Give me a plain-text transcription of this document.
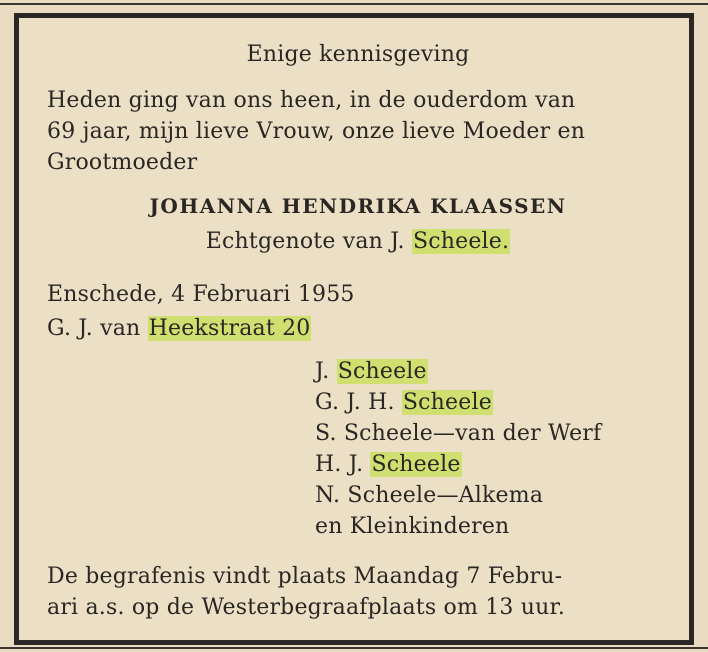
Enige kennisgeving
Heden ging van ons heen, in de ouderdom van
69 jaar, mijn lieve Vrouw, onze lieve Moeder en
Grootmoeder
JOHANNA HENDRIKA KLAASSEN
Echtgenote van J. Scheele.
Enschede, 4 Februari 1955
G. J. van Heekstraat 20
J. Scheele
G. J. H. Scheele
S. Scheele—van der Werf
H. J. Scheele
N. Scheele—Alkema
en Kleinkinderen
De begrafenis vindt plaats Maandag 7 Febru-
ari a.s. op de Westerbegraafplaats om 13 uur.
